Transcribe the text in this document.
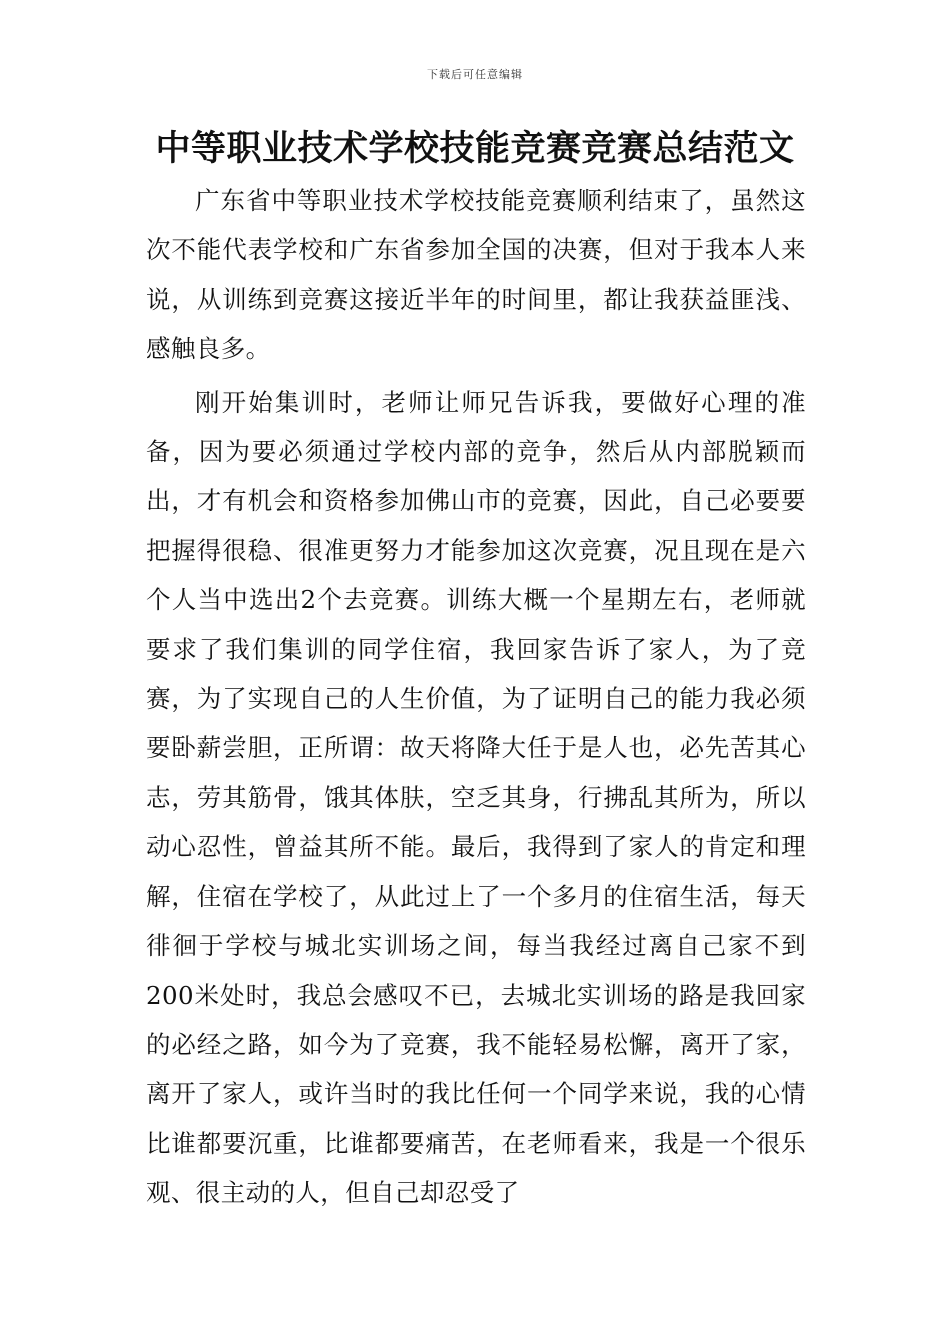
下载后可任意编辑
中等职业技术学校技能竞赛竞赛总结范文

广东省中等职业技术学校技能竞赛顺利结束了，虽然这次不能代表学校和广东省参加全国的决赛，但对于我本人来说，从训练到竞赛这接近半年的时间里，都让我获益匪浅、感触良多。

刚开始集训时，老师让师兄告诉我，要做好心理的准备，因为要必须通过学校内部的竞争，然后从内部脱颖而出，才有机会和资格参加佛山市的竞赛，因此，自己必要要把握得很稳、很准更努力才能参加这次竞赛，况且现在是六个人当中选出2个去竞赛。训练大概一个星期左右，老师就要求了我们集训的同学住宿，我回家告诉了家人，为了竞赛，为了实现自己的人生价值，为了证明自己的能力我必须要卧薪尝胆，正所谓：故天将降大任于是人也，必先苦其心志，劳其筋骨，饿其体肤，空乏其身，行拂乱其所为，所以动心忍性，曾益其所不能。最后，我得到了家人的肯定和理解，住宿在学校了，从此过上了一个多月的住宿生活，每天徘徊于学校与城北实训场之间，每当我经过离自己家不到200米处时，我总会感叹不已，去城北实训场的路是我回家的必经之路，如今为了竞赛，我不能轻易松懈，离开了家，离开了家人，或许当时的我比任何一个同学来说，我的心情比谁都要沉重，比谁都要痛苦，在老师看来，我是一个很乐观、很主动的人，但自己却忍受了
